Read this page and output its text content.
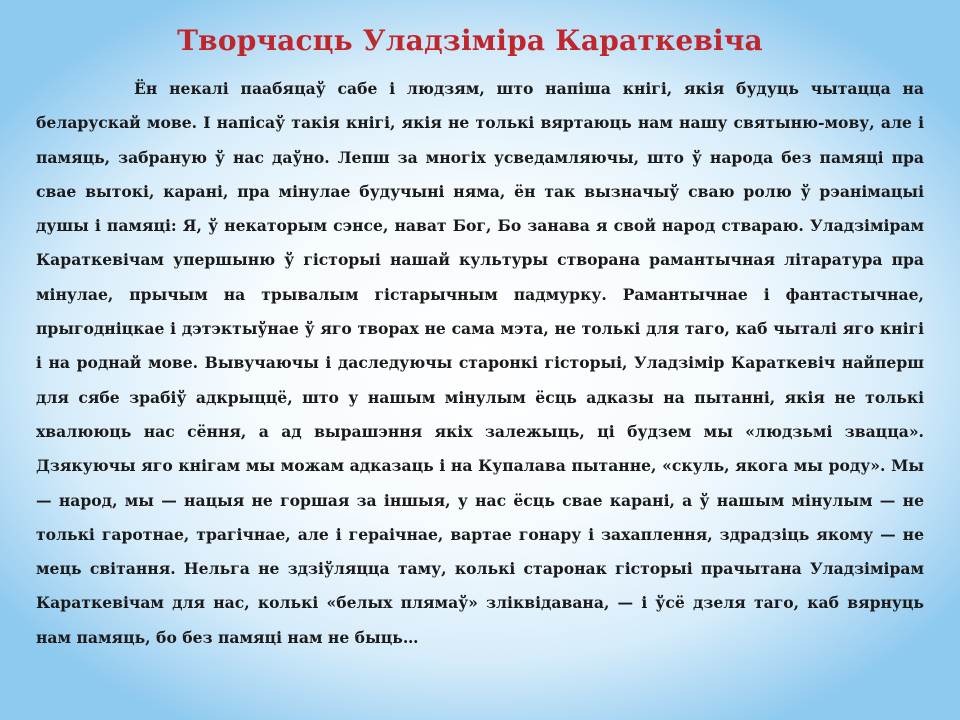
Творчасць Уладзіміра Караткевіча

Ён некалі паабяцаў сабе і людзям, што напіша кнігі, якія будуць чытацца на беларускай мове. І напісаў такія кнігі, якія не толькі вяртаюць нам нашу святыню-мову, але і памяць, забраную ў нас даўно. Лепш за многіх усведамляючы, што ў народа без памяці пра свае вытокі, карані, пра мінулае будучыні няма, ён так вызначыў сваю ролю ў рэанімацыі душы і памяці: Я, ў некаторым сэнсе, нават Бог, Бо занава я свой народ ствараю. Уладзімірам Караткевічам упершыню ў гісторыі нашай культуры створана рамантычная літаратура пра мінулае, прычым на трывалым гістарычным падмурку. Рамантычнае і фантастычнае, прыгодніцкае і дэтэктыўнае ў яго творах не сама мэта, не толькі для таго, каб чыталі яго кнігі і на роднай мове. Вывучаючы і даследуючы старонкі гісторыі, Уладзімір Караткевіч найперш для сябе зрабіў адкрыццё, што у нашым мінулым ёсць адказы на пытанні, якія не толькі хвалююць нас сёння, а ад вырашэння якіх залежыць, ці будзем мы «людзьмі звацца». Дзякуючы яго кнігам мы можам адказаць і на Купалава пытанне, «скуль, якога мы роду». Мы — народ, мы — нацыя не горшая за іншыя, у нас ёсць свае карані, а ў нашым мінулым — не толькі гаротнае, трагічнае, але і гераічнае, вартае гонару і захаплення, здрадзіць якому — не мець світання. Нельга не здзіўляцца таму, колькі старонак гісторыі прачытана Уладзімірам Караткевічам для нас, колькі «белых плямаў» зліквідавана, — і ўсё дзеля таго, каб вярнуць нам памяць, бо без памяці нам не быць…
